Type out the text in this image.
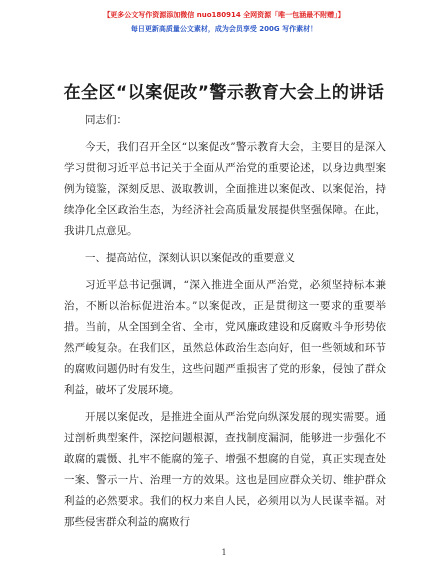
【更多公文写作资源添加微信 nuo180914 全网资源「唯一包涵最不附赠」】
每日更新高质量公文素材，成为会员享受 200G 写作素材！
在全区“以案促改”警示教育大会上的讲话

同志们：

今天，我们召开全区“以案促改”警示教育大会，主要目的是深入学习贯彻习近平总书记关于全面从严治党的重要论述，以身边典型案例为镜鉴，深刻反思、汲取教训，全面推进以案促改、以案促治，持续净化全区政治生态，为经济社会高质量发展提供坚强保障。在此，我讲几点意见。

一、提高站位，深刻认识以案促改的重要意义

习近平总书记强调，“深入推进全面从严治党，必须坚持标本兼治，不断以治标促进治本。”以案促改，正是贯彻这一要求的重要举措。当前，从全国到全省、全市，党风廉政建设和反腐败斗争形势依然严峻复杂。在我们区，虽然总体政治生态向好，但一些领域和环节的腐败问题仍时有发生，这些问题严重损害了党的形象，侵蚀了群众利益，破坏了发展环境。

开展以案促改，是推进全面从严治党向纵深发展的现实需要。通过剖析典型案件，深挖问题根源，查找制度漏洞，能够进一步强化不敢腐的震慑、扎牢不能腐的笼子、增强不想腐的自觉，真正实现查处一案、警示一片、治理一方的效果。这也是回应群众关切、维护群众利益的必然要求。我们的权力来自人民，必须用以为人民谋幸福。对那些侵害群众利益的腐败行

1
